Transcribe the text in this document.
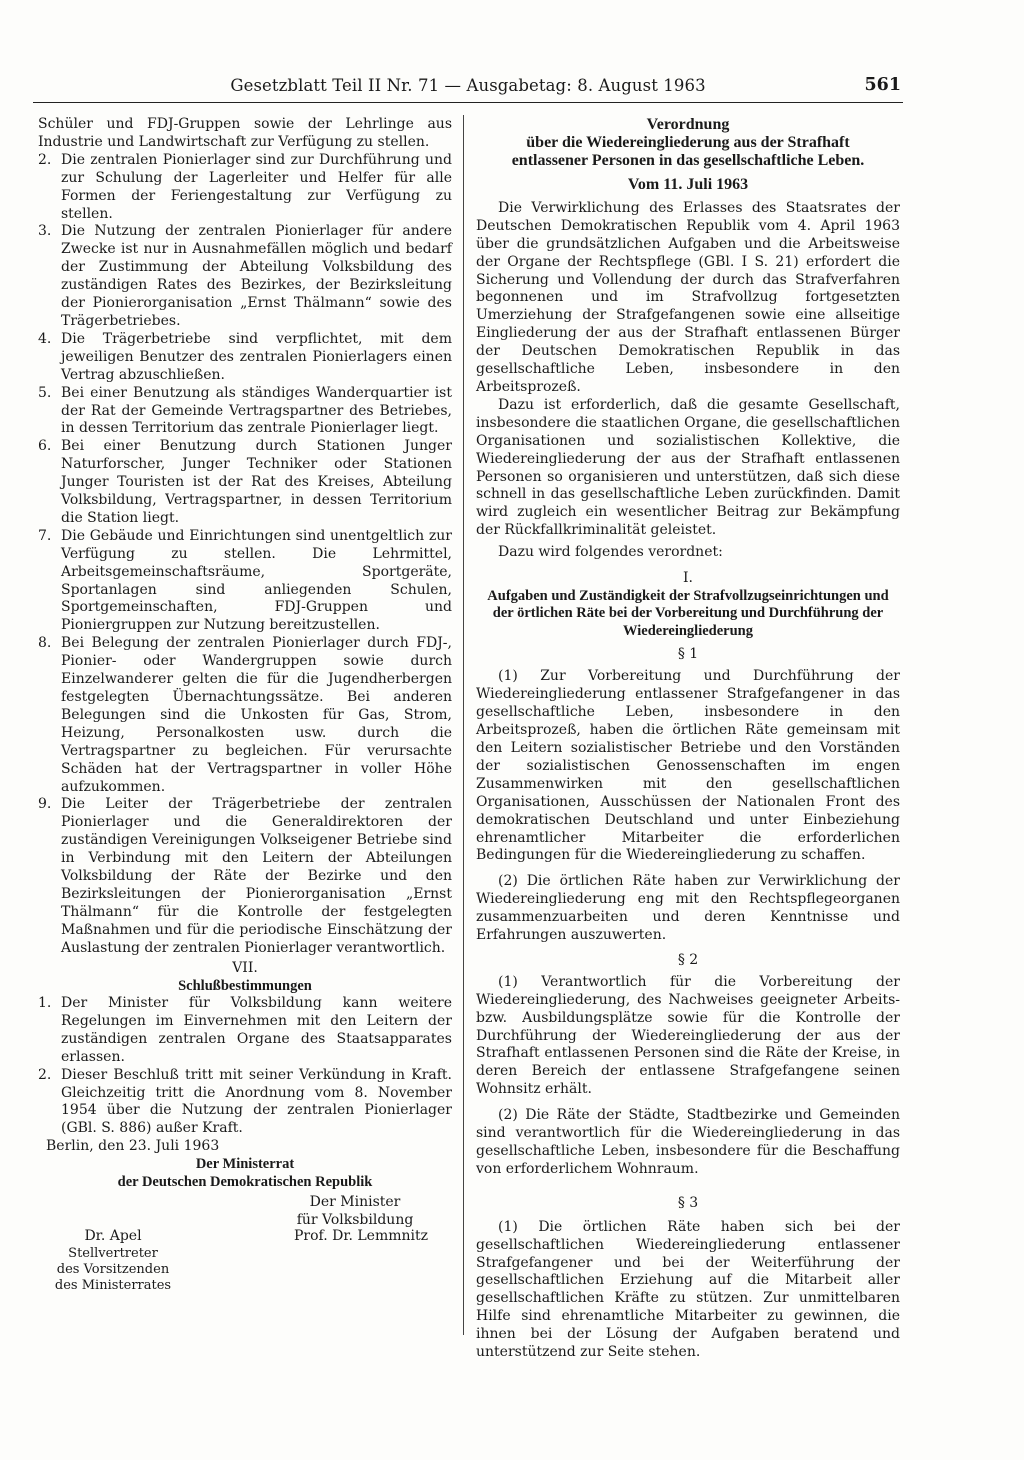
Gesetzblatt Teil II Nr. 71 — Ausgabetag: 8. August 1963	561

Schüler und FDJ-Gruppen sowie der Lehrlinge aus Industrie und Landwirtschaft zur Verfügung zu stellen.

2. Die zentralen Pionierlager sind zur Durchführung und zur Schulung der Lagerleiter und Helfer für alle Formen der Feriengestaltung zur Verfügung zu stellen.
3. Die Nutzung der zentralen Pionierlager für andere Zwecke ist nur in Ausnahmefällen möglich und bedarf der Zustimmung der Abteilung Volksbildung des zuständigen Rates des Bezirkes, der Bezirksleitung der Pionierorganisation „Ernst Thälmann“ sowie des Trägerbetriebes.
4. Die Trägerbetriebe sind verpflichtet, mit dem jeweiligen Benutzer des zentralen Pionierlagers einen Vertrag abzuschließen.
5. Bei einer Benutzung als ständiges Wanderquartier ist der Rat der Gemeinde Vertragspartner des Betriebes, in dessen Territorium das zentrale Pionierlager liegt.
6. Bei einer Benutzung durch Stationen Junger Naturforscher, Junger Techniker oder Stationen Junger Touristen ist der Rat des Kreises, Abteilung Volksbildung, Vertragspartner, in dessen Territorium die Station liegt.
7. Die Gebäude und Einrichtungen sind unentgeltlich zur Verfügung zu stellen. Die Lehrmittel, Arbeitsgemeinschaftsräume, Sportgeräte, Sportanlagen sind anliegenden Schulen, Sportgemeinschaften, FDJ-Gruppen und Pioniergruppen zur Nutzung bereitzustellen.
8. Bei Belegung der zentralen Pionierlager durch FDJ-, Pionier- oder Wandergruppen sowie durch Einzelwanderer gelten die für die Jugendherbergen festgelegten Übernachtungssätze. Bei anderen Belegungen sind die Unkosten für Gas, Strom, Heizung, Personalkosten usw. durch die Vertragspartner zu begleichen. Für verursachte Schäden hat der Vertragspartner in voller Höhe aufzukommen.
9. Die Leiter der Trägerbetriebe der zentralen Pionierlager und die Generaldirektoren der zuständigen Vereinigungen Volkseigener Betriebe sind in Verbindung mit den Leitern der Abteilungen Volksbildung der Räte der Bezirke und den Bezirksleitungen der Pionierorganisation „Ernst Thälmann“ für die Kontrolle der festgelegten Maßnahmen und für die periodische Einschätzung der Auslastung der zentralen Pionierlager verantwortlich.

VII.

Schlußbestimmungen

1. Der Minister für Volksbildung kann weitere Regelungen im Einvernehmen mit den Leitern der zuständigen zentralen Organe des Staatsapparates erlassen.
2. Dieser Beschluß tritt mit seiner Verkündung in Kraft. Gleichzeitig tritt die Anordnung vom 8. November 1954 über die Nutzung der zentralen Pionierlager (GBl. S. 886) außer Kraft.

Berlin, den 23. Juli 1963

Der Ministerrat

der Deutschen Demokratischen Republik

Der Minister
für Volksbildung
Dr. Apel
Stellvertreter
des Vorsitzenden
des Ministerrates
Prof. Dr. Lemmnitz

Verordnung

über die Wiedereingliederung aus der Strafhaft

entlassener Personen in das gesellschaftliche Leben.

Vom 11. Juli 1963

Die Verwirklichung des Erlasses des Staatsrates der Deutschen Demokratischen Republik vom 4. April 1963 über die grundsätzlichen Aufgaben und die Arbeitsweise der Organe der Rechtspflege (GBl. I S. 21) erfordert die Sicherung und Vollendung der durch das Strafverfahren begonnenen und im Strafvollzug fortgesetzten Umerziehung der Strafgefangenen sowie eine allseitige Eingliederung der aus der Strafhaft entlassenen Bürger der Deutschen Demokratischen Republik in das gesellschaftliche Leben, insbesondere in den Arbeitsprozeß.

Dazu ist erforderlich, daß die gesamte Gesellschaft, insbesondere die staatlichen Organe, die gesellschaftlichen Organisationen und sozialistischen Kollektive, die Wiedereingliederung der aus der Strafhaft entlassenen Personen so organisieren und unterstützen, daß sich diese schnell in das gesellschaftliche Leben zurückfinden. Damit wird zugleich ein wesentlicher Beitrag zur Bekämpfung der Rückfallkriminalität geleistet.

Dazu wird folgendes verordnet:

I.

Aufgaben und Zuständigkeit der Strafvollzugseinrichtungen und der örtlichen Räte bei der Vorbereitung und Durchführung der Wiedereingliederung

§ 1

(1) Zur Vorbereitung und Durchführung der Wiedereingliederung entlassener Strafgefangener in das gesellschaftliche Leben, insbesondere in den Arbeitsprozeß, haben die örtlichen Räte gemeinsam mit den Leitern sozialistischer Betriebe und den Vorständen der sozialistischen Genossenschaften im engen Zusammenwirken mit den gesellschaftlichen Organisationen, Ausschüssen der Nationalen Front des demokratischen Deutschland und unter Einbeziehung ehrenamtlicher Mitarbeiter die erforderlichen Bedingungen für die Wiedereingliederung zu schaffen.

(2) Die örtlichen Räte haben zur Verwirklichung der Wiedereingliederung eng mit den Rechtspflegeorganen zusammenzuarbeiten und deren Kenntnisse und Erfahrungen auszuwerten.

§ 2

(1) Verantwortlich für die Vorbereitung der Wiedereingliederung, des Nachweises geeigneter Arbeits- bzw. Ausbildungsplätze sowie für die Kontrolle der Durchführung der Wiedereingliederung der aus der Strafhaft entlassenen Personen sind die Räte der Kreise, in deren Bereich der entlassene Strafgefangene seinen Wohnsitz erhält.

(2) Die Räte der Städte, Stadtbezirke und Gemeinden sind verantwortlich für die Wiedereingliederung in das gesellschaftliche Leben, insbesondere für die Beschaffung von erforderlichem Wohnraum.

§ 3

(1) Die örtlichen Räte haben sich bei der gesellschaftlichen Wiedereingliederung entlassener Strafgefangener und bei der Weiterführung der gesellschaftlichen Erziehung auf die Mitarbeit aller gesellschaftlichen Kräfte zu stützen. Zur unmittelbaren Hilfe sind ehrenamtliche Mitarbeiter zu gewinnen, die ihnen bei der Lösung der Aufgaben beratend und unterstützend zur Seite stehen.
